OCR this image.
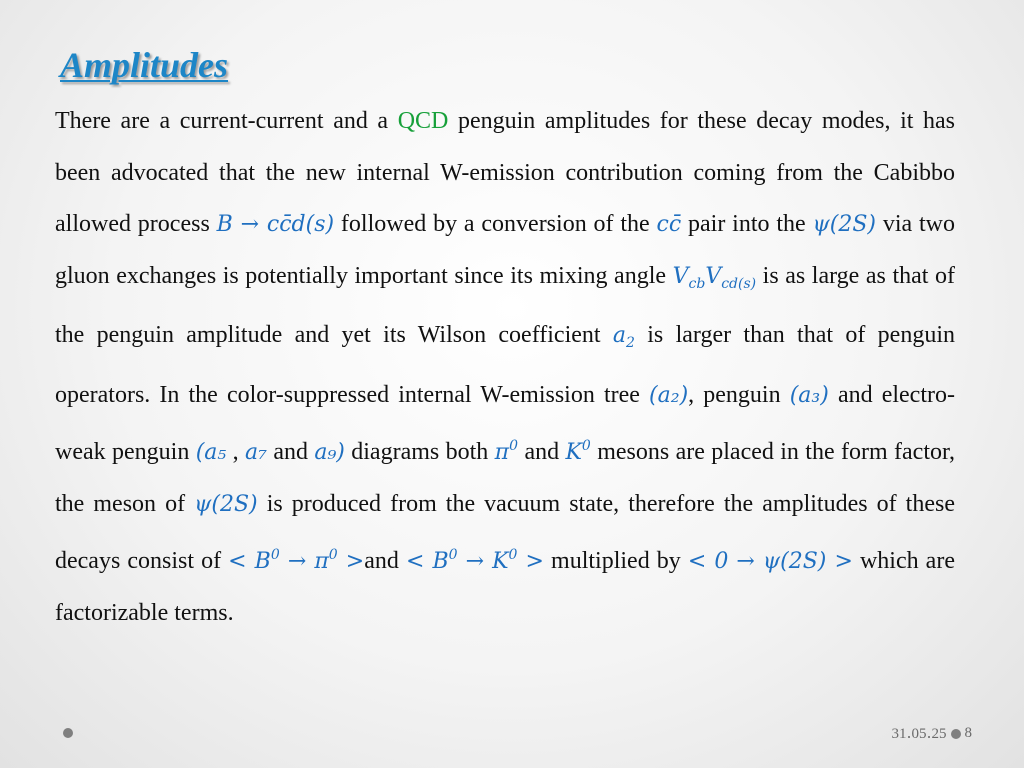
Amplitudes
There are a current-current and a QCD penguin amplitudes for these decay modes, it has been advocated that the new internal W-emission contribution coming from the Cabibbo allowed process B → cc̄d(s) followed by a conversion of the cc̄ pair into the ψ(2S) via two gluon exchanges is potentially important since its mixing angle $V_{cb}V_{cd(s)}$ is as large as that of the penguin amplitude and yet its Wilson coefficient $a_2$ is larger than that of penguin operators. In the color-suppressed internal W-emission tree (a₂), penguin (a₃) and electro-weak penguin (a₅ , a₇ and a₉) diagrams both $\pi^0$ and $K^0$ mesons are placed in the form factor, the meson of ψ(2S) is produced from the vacuum state, therefore the amplitudes of these decays consist of < $B^0 \to \pi^0 >and < B^0 \to K^0$ > multiplied by < 0 → ψ(2S) > which are factorizable terms.
31․05․25 8
